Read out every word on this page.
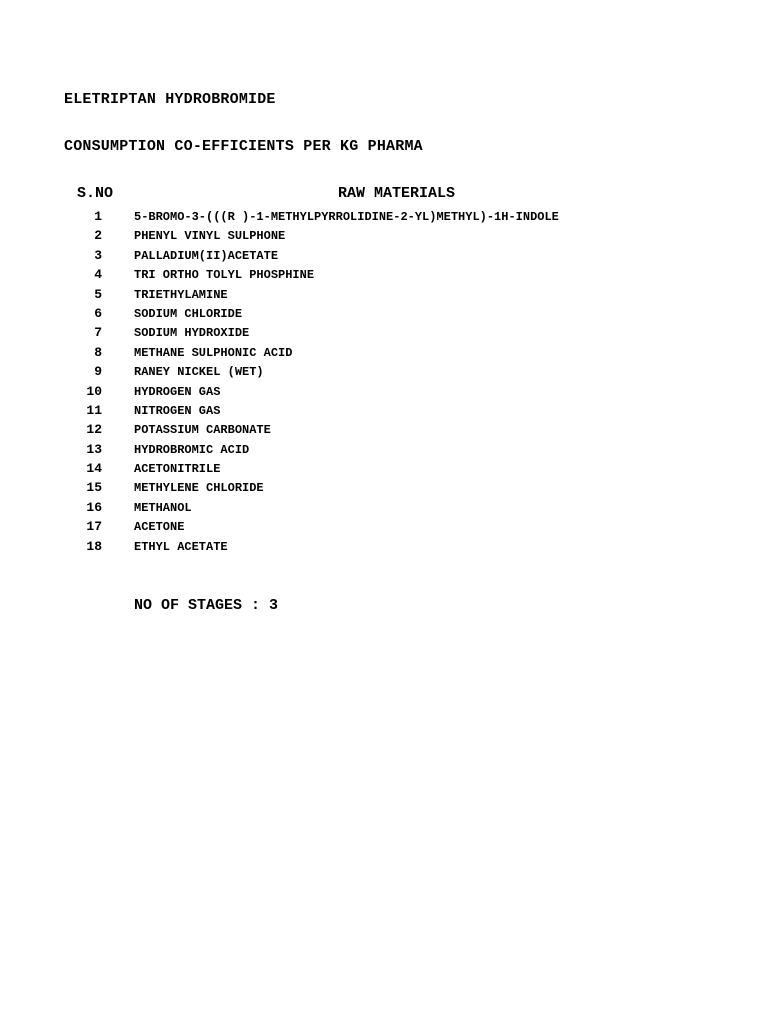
ELETRIPTAN HYDROBROMIDE
CONSUMPTION CO-EFFICIENTS PER KG PHARMA
S.NO	RAW MATERIALS
1	5-BROMO-3-(((R )-1-METHYLPYRROLIDINE-2-YL)METHYL)-1H-INDOLE
2	PHENYL VINYL SULPHONE
3	PALLADIUM(II)ACETATE
4	TRI ORTHO TOLYL PHOSPHINE
5	TRIETHYLAMINE
6	SODIUM CHLORIDE
7	SODIUM HYDROXIDE
8	METHANE SULPHONIC ACID
9	RANEY NICKEL (WET)
10	HYDROGEN GAS
11	NITROGEN GAS
12	POTASSIUM CARBONATE
13	HYDROBROMIC ACID
14	ACETONITRILE
15	METHYLENE CHLORIDE
16	METHANOL
17	ACETONE
18	ETHYL ACETATE
NO OF STAGES : 3
